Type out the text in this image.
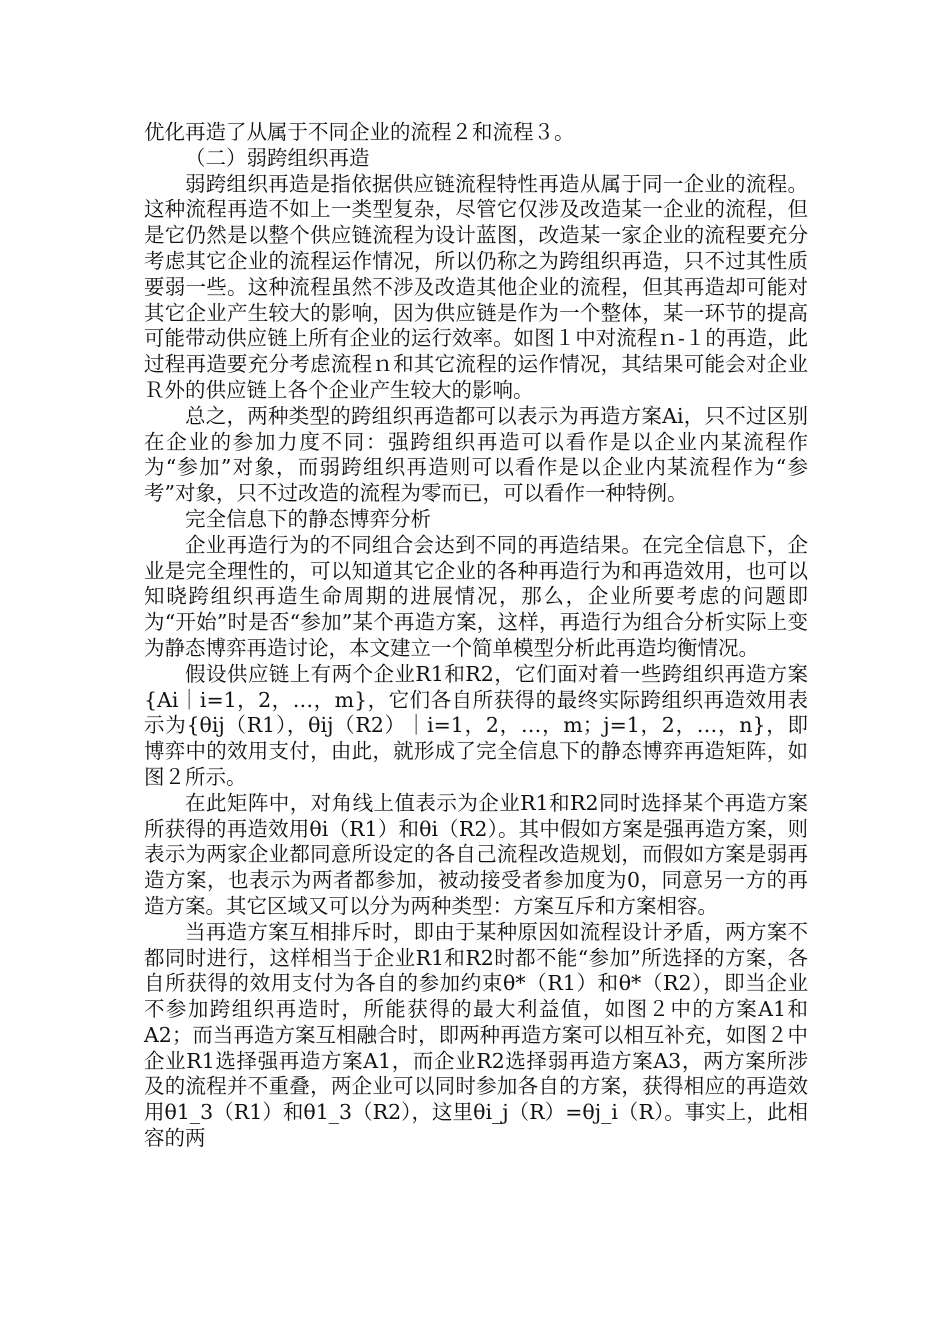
优化再造了从属于不同企业的流程２和流程３。

（二）弱跨组织再造

弱跨组织再造是指依据供应链流程特性再造从属于同一企业的流程。这种流程再造不如上一类型复杂，尽管它仅涉及改造某一企业的流程，但是它仍然是以整个供应链流程为设计蓝图，改造某一家企业的流程要充分考虑其它企业的流程运作情况，所以仍称之为跨组织再造，只不过其性质要弱一些。这种流程虽然不涉及改造其他企业的流程，但其再造却可能对其它企业产生较大的影响，因为供应链是作为一个整体，某一环节的提高可能带动供应链上所有企业的运行效率。如图１中对流程ｎ-１的再造，此过程再造要充分考虑流程ｎ和其它流程的运作情况，其结果可能会对企业Ｒ外的供应链上各个企业产生较大的影响。

总之，两种类型的跨组织再造都可以表示为再造方案Ai，只不过区别在企业的参加力度不同：强跨组织再造可以看作是以企业内某流程作为“参加”对象，而弱跨组织再造则可以看作是以企业内某流程作为“参考”对象，只不过改造的流程为零而已，可以看作一种特例。

完全信息下的静态博弈分析

企业再造行为的不同组合会达到不同的再造结果。在完全信息下，企业是完全理性的，可以知道其它企业的各种再造行为和再造效用，也可以知晓跨组织再造生命周期的进展情况，那么，企业所要考虑的问题即为“开始”时是否“参加”某个再造方案，这样，再造行为组合分析实际上变为静态博弈再造讨论，本文建立一个简单模型分析此再造均衡情况。

假设供应链上有两个企业R1和R2，它们面对着一些跨组织再造方案{Ai｜i=1，2，…，m}，它们各自所获得的最终实际跨组织再造效用表示为{θij（R1），θij（R2）｜i=1，2，…，m；j=1，2，…，n}，即博弈中的效用支付，由此，就形成了完全信息下的静态博弈再造矩阵，如图２所示。

在此矩阵中，对角线上值表示为企业R1和R2同时选择某个再造方案所获得的再造效用θi（R1）和θi（R2）。其中假如方案是强再造方案，则表示为两家企业都同意所设定的各自己流程改造规划，而假如方案是弱再造方案，也表示为两者都参加，被动接受者参加度为0，同意另一方的再造方案。其它区域又可以分为两种类型：方案互斥和方案相容。

当再造方案互相排斥时，即由于某种原因如流程设计矛盾，两方案不都同时进行，这样相当于企业R1和R2时都不能“参加”所选择的方案，各自所获得的效用支付为各自的参加约束θ*（R1）和θ*（R2），即当企业不参加跨组织再造时，所能获得的最大利益值，如图２中的方案A1和A2；而当再造方案互相融合时，即两种再造方案可以相互补充，如图２中企业R1选择强再造方案A1，而企业R2选择弱再造方案A3，两方案所涉及的流程并不重叠，两企业可以同时参加各自的方案，获得相应的再造效用θ1_3（R1）和θ1_3（R2），这里θi_j（R）=θj_i（R）。事实上，此相容的两
